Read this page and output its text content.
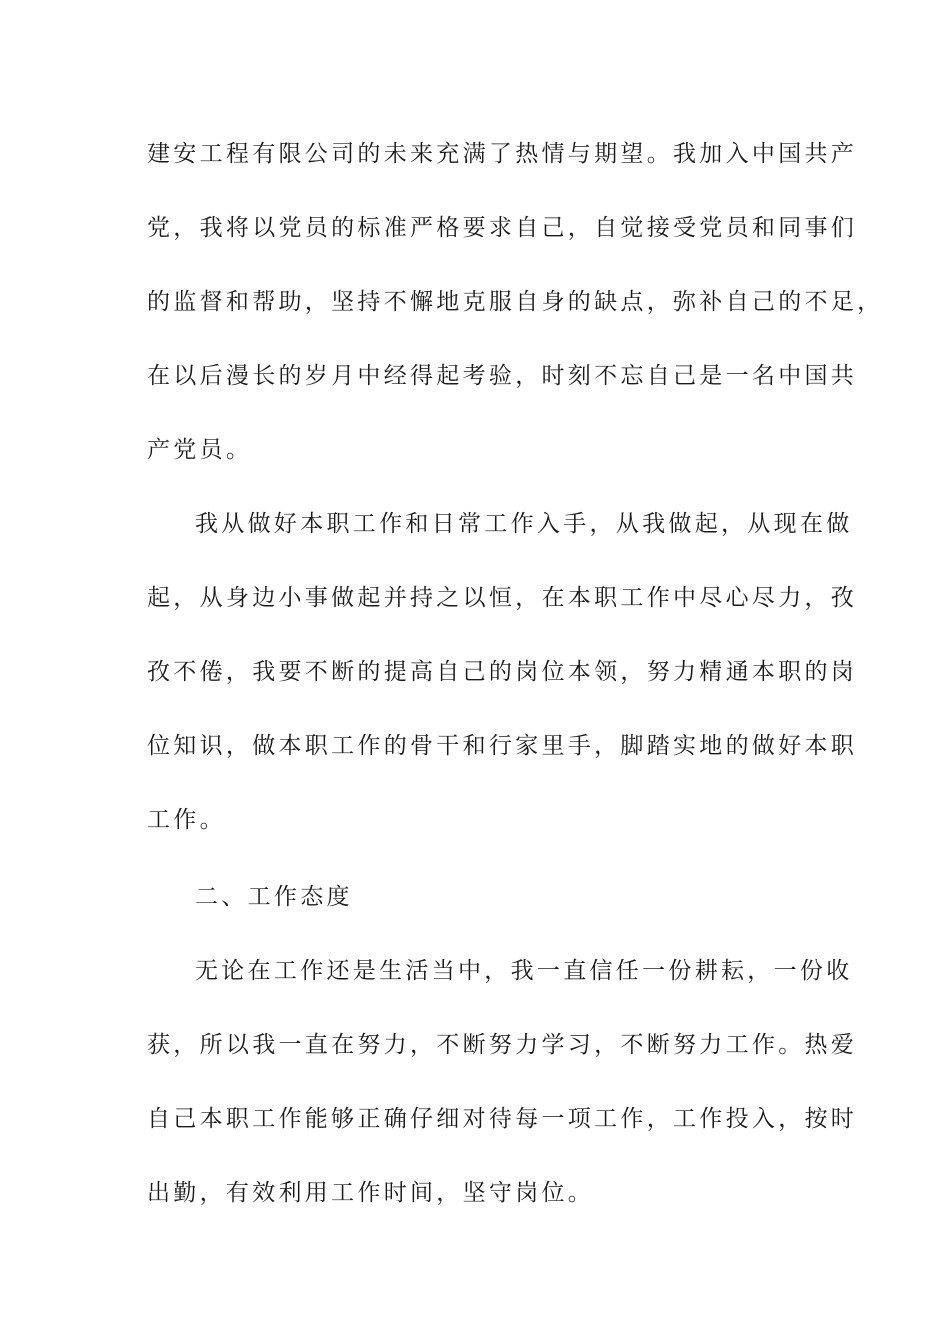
建安工程有限公司的未来充满了热情与期望。我加入中国共产

党，我将以党员的标准严格要求自己，自觉接受党员和同事们

的监督和帮助，坚持不懈地克服自身的缺点，弥补自己的不足，

在以后漫长的岁月中经得起考验，时刻不忘自己是一名中国共

产党员。

我从做好本职工作和日常工作入手，从我做起，从现在做

起，从身边小事做起并持之以恒，在本职工作中尽心尽力，孜

孜不倦，我要不断的提高自己的岗位本领，努力精通本职的岗

位知识，做本职工作的骨干和行家里手，脚踏实地的做好本职

工作。

二、工作态度

无论在工作还是生活当中，我一直信任一份耕耘，一份收

获，所以我一直在努力，不断努力学习，不断努力工作。热爱

自己本职工作能够正确仔细对待每一项工作，工作投入，按时

出勤，有效利用工作时间，坚守岗位。
